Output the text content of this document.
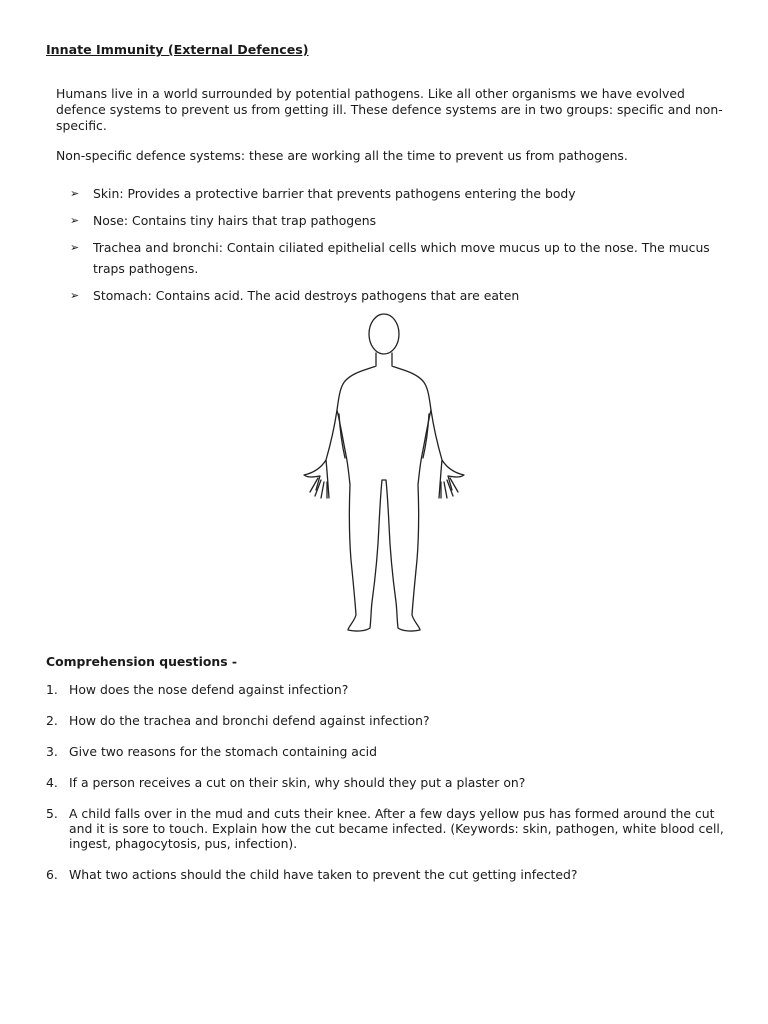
Innate Immunity (External Defences)
Humans live in a world surrounded by potential pathogens. Like all other organisms we have evolved defence systems to prevent us from getting ill. These defence systems are in two groups: specific and non-specific.
Non-specific defence systems: these are working all the time to prevent us from pathogens.
➢	Skin: Provides a protective barrier that prevents pathogens entering the body
➢	Nose: Contains tiny hairs that trap pathogens
➢	Trachea and bronchi: Contain ciliated epithelial cells which move mucus up to the nose. The mucus traps pathogens.
➢	Stomach: Contains acid. The acid destroys pathogens that are eaten
Comprehension questions -
1. How does the nose defend against infection?
2. How do the trachea and bronchi defend against infection?
3. Give two reasons for the stomach containing acid
4. If a person receives a cut on their skin, why should they put a plaster on?
5. A child falls over in the mud and cuts their knee. After a few days yellow pus has formed around the cut and it is sore to touch. Explain how the cut became infected. (Keywords: skin, pathogen, white blood cell, ingest, phagocytosis, pus, infection).
6. What two actions should the child have taken to prevent the cut getting infected?
